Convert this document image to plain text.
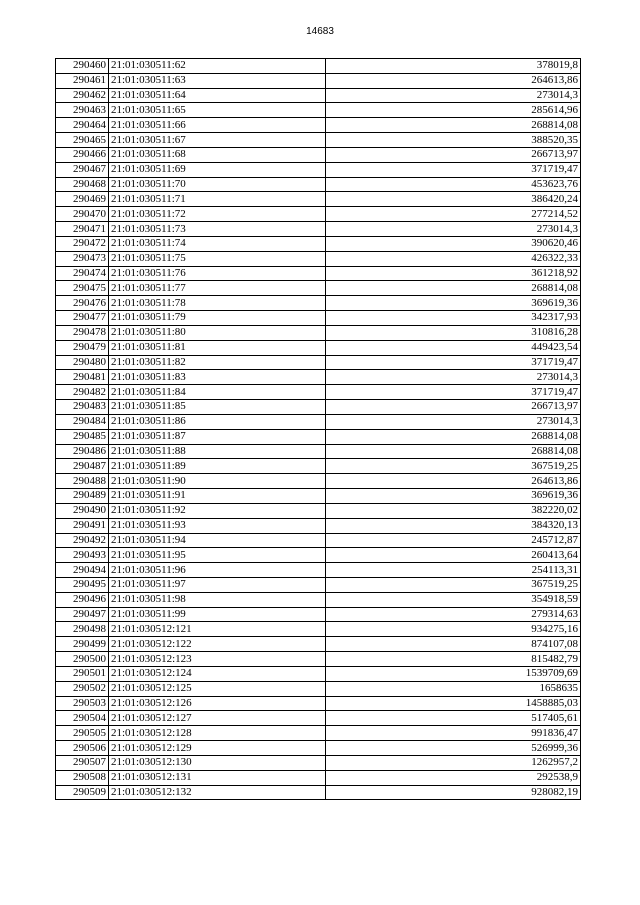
14683
290460	21:01:030511:62	378019,8
290461	21:01:030511:63	264613,86
290462	21:01:030511:64	273014,3
290463	21:01:030511:65	285614,96
290464	21:01:030511:66	268814,08
290465	21:01:030511:67	388520,35
290466	21:01:030511:68	266713,97
290467	21:01:030511:69	371719,47
290468	21:01:030511:70	453623,76
290469	21:01:030511:71	386420,24
290470	21:01:030511:72	277214,52
290471	21:01:030511:73	273014,3
290472	21:01:030511:74	390620,46
290473	21:01:030511:75	426322,33
290474	21:01:030511:76	361218,92
290475	21:01:030511:77	268814,08
290476	21:01:030511:78	369619,36
290477	21:01:030511:79	342317,93
290478	21:01:030511:80	310816,28
290479	21:01:030511:81	449423,54
290480	21:01:030511:82	371719,47
290481	21:01:030511:83	273014,3
290482	21:01:030511:84	371719,47
290483	21:01:030511:85	266713,97
290484	21:01:030511:86	273014,3
290485	21:01:030511:87	268814,08
290486	21:01:030511:88	268814,08
290487	21:01:030511:89	367519,25
290488	21:01:030511:90	264613,86
290489	21:01:030511:91	369619,36
290490	21:01:030511:92	382220,02
290491	21:01:030511:93	384320,13
290492	21:01:030511:94	245712,87
290493	21:01:030511:95	260413,64
290494	21:01:030511:96	254113,31
290495	21:01:030511:97	367519,25
290496	21:01:030511:98	354918,59
290497	21:01:030511:99	279314,63
290498	21:01:030512:121	934275,16
290499	21:01:030512:122	874107,08
290500	21:01:030512:123	815482,79
290501	21:01:030512:124	1539709,69
290502	21:01:030512:125	1658635
290503	21:01:030512:126	1458885,03
290504	21:01:030512:127	517405,61
290505	21:01:030512:128	991836,47
290506	21:01:030512:129	526999,36
290507	21:01:030512:130	1262957,2
290508	21:01:030512:131	292538,9
290509	21:01:030512:132	928082,19
